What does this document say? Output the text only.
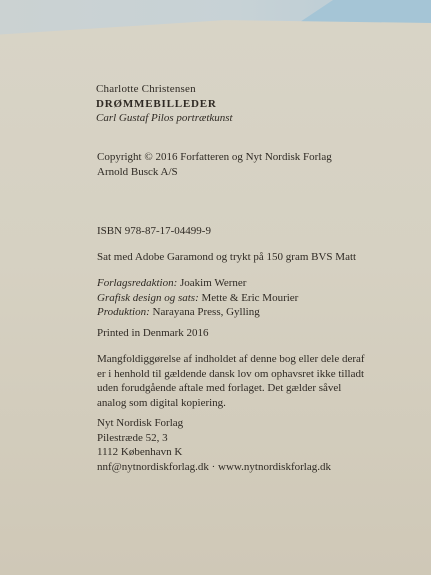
Charlotte Christensen
DRØMMEBILLEDER
Carl Gustaf Pilos portrætkunst
Copyright © 2016 Forfatteren og Nyt Nordisk Forlag
Arnold Busck A/S
ISBN 978-87-17-04499-9
Sat med Adobe Garamond og trykt på 150 gram BVS Matt
Forlagsredaktion: Joakim Werner
Grafisk design og sats: Mette & Eric Mourier
Produktion: Narayana Press, Gylling
Printed in Denmark 2016
Mangfoldiggørelse af indholdet af denne bog eller dele deraf
er i henhold til gældende dansk lov om ophavsret ikke tilladt
uden forudgående aftale med forlaget. Det gælder såvel
analog som digital kopiering.
Nyt Nordisk Forlag
Pilestræde 52, 3
1112 København K
nnf@nytnordiskforlag.dk · www.nytnordiskforlag.dk
